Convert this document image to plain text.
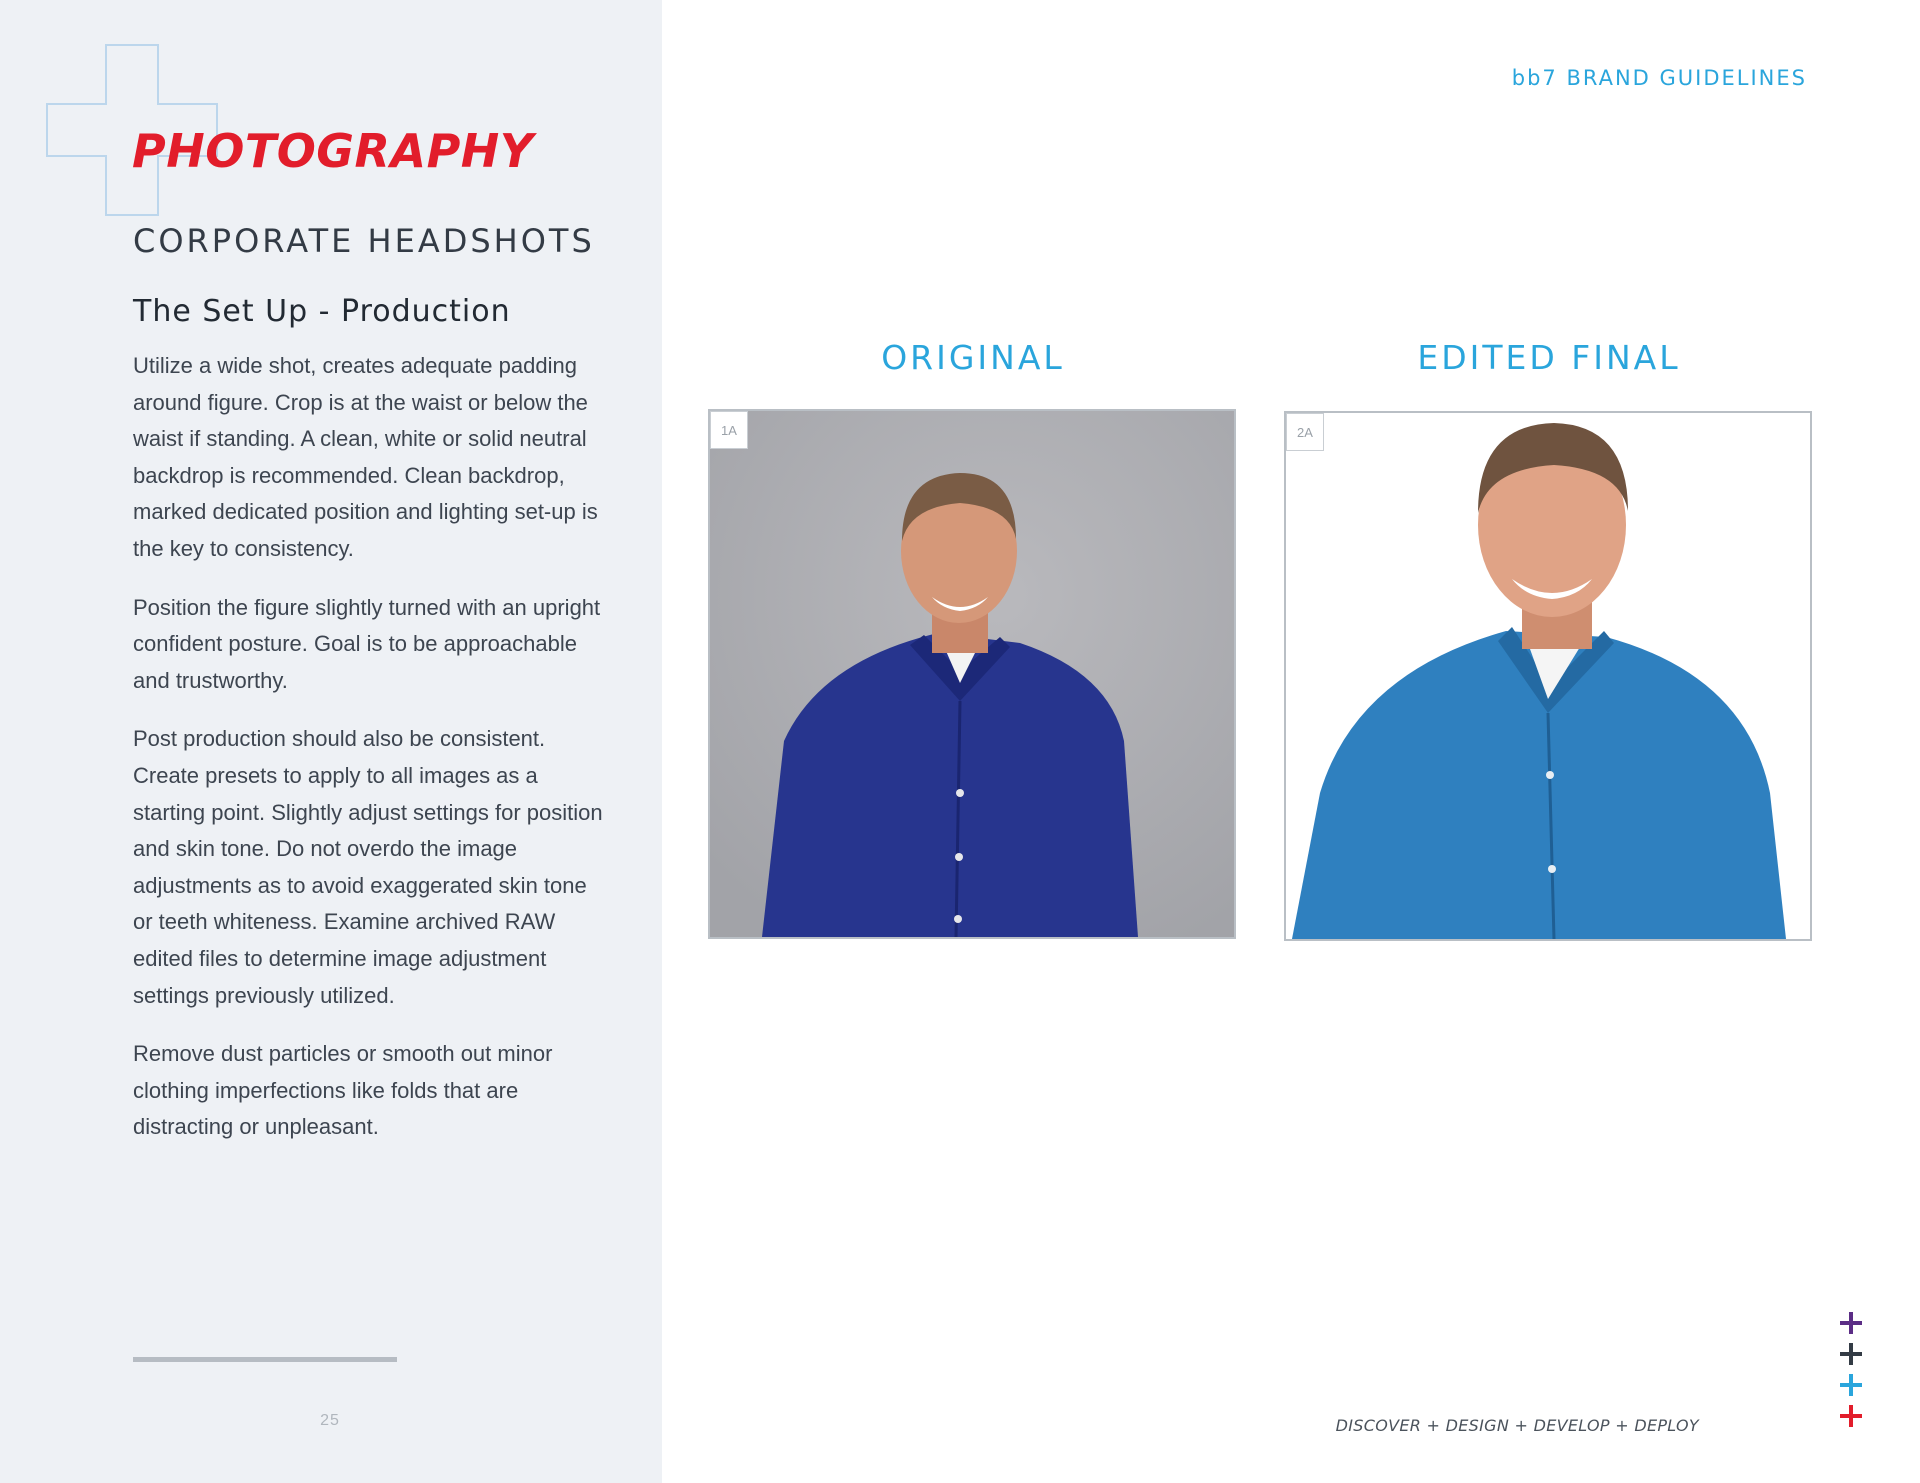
PHOTOGRAPHY
CORPORATE HEADSHOTS
The Set Up - Production

Utilize a wide shot, creates adequate padding around figure. Crop is at the waist or below the waist if standing. A clean, white or solid neutral backdrop is recommended. Clean backdrop, marked dedicated position and lighting set-up is the key to consistency.

Position the figure slightly turned with an upright confident posture. Goal is to be approachable and trustworthy.

Post production should also be consistent. Create presets to apply to all images as a starting point. Slightly adjust settings for position and skin tone. Do not overdo the image adjustments as to avoid exaggerated skin tone or teeth whiteness. Examine archived RAW edited files to determine image adjustment settings previously utilized.

Remove dust particles or smooth out minor clothing imperfections like folds that are distracting or unpleasant.

25
bb7 BRAND GUIDELINES
ORIGINAL
1A
EDITED FINAL
2A
DISCOVER + DESIGN + DEVELOP + DEPLOY
